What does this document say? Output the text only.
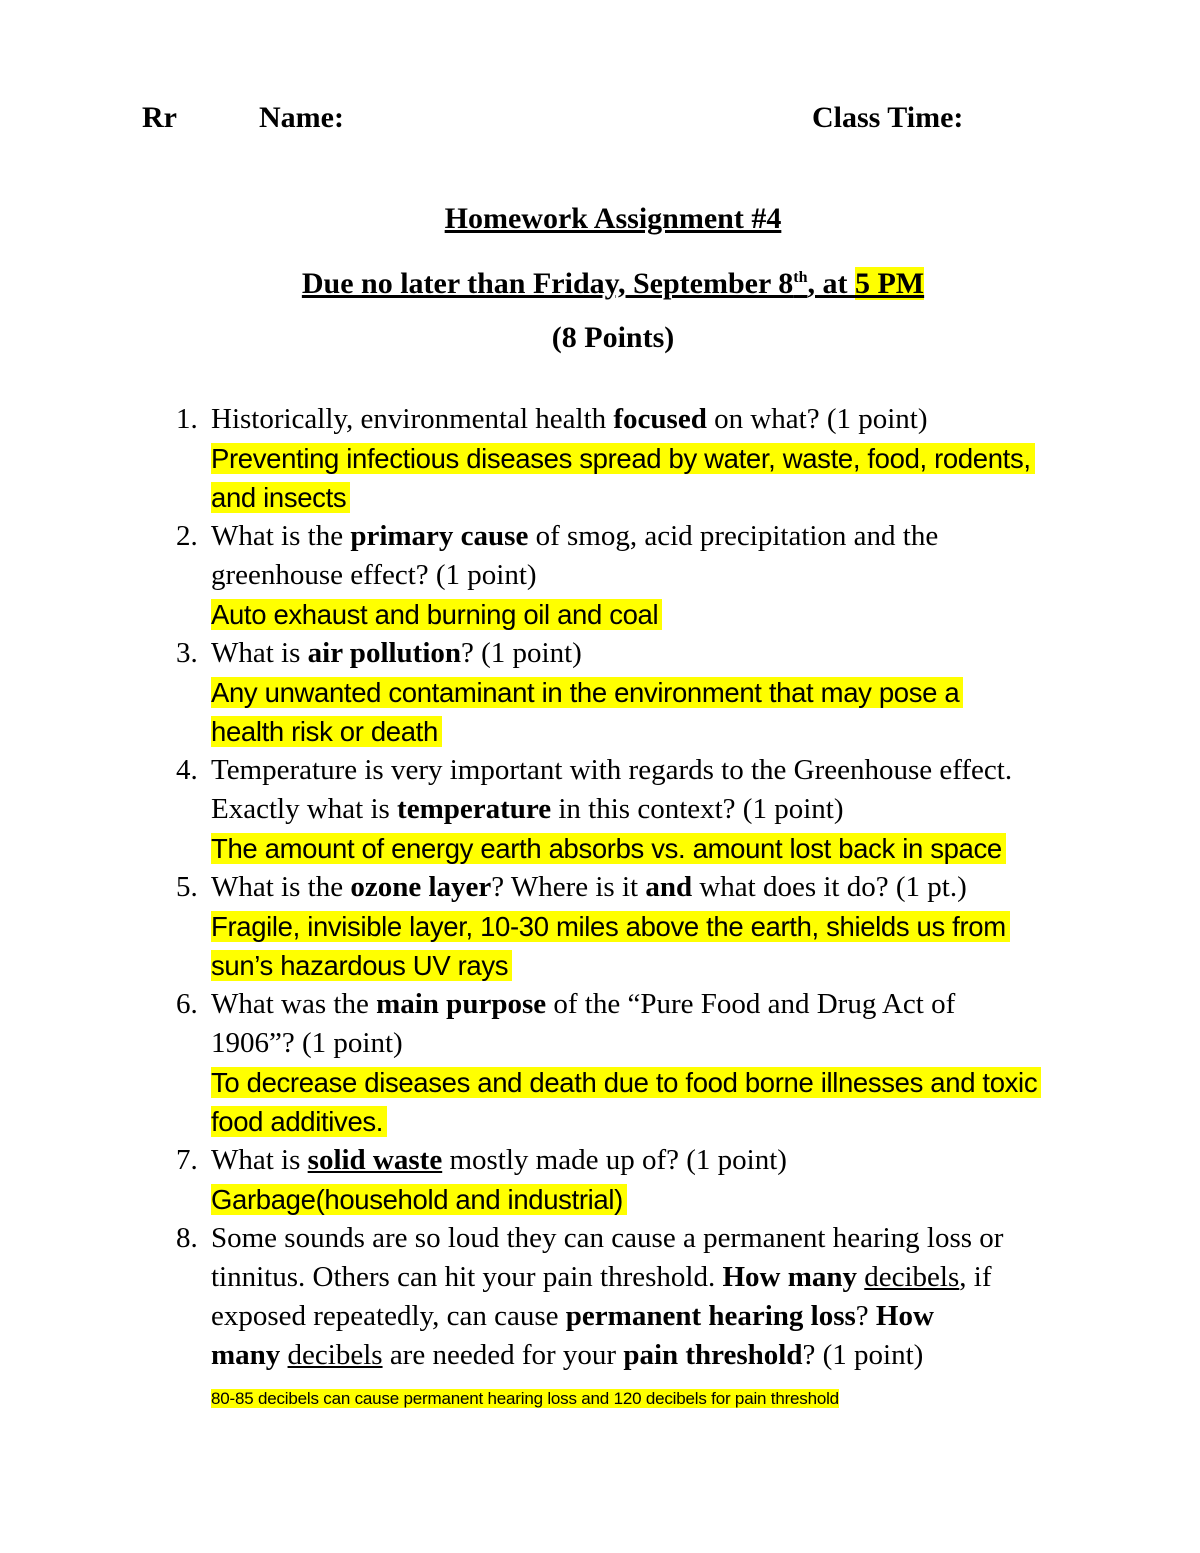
Rr	Name:	Class Time:
Homework Assignment #4
Due no later than Friday, September 8th, at 5 PM
(8 Points)
1. Historically, environmental health focused on what? (1 point)
Preventing infectious diseases spread by water, waste, food, rodents,
and insects
2. What is the primary cause of smog, acid precipitation and the
greenhouse effect? (1 point)
Auto exhaust and burning oil and coal
3. What is air pollution? (1 point)
Any unwanted contaminant in the environment that may pose a
health risk or death
4. Temperature is very important with regards to the Greenhouse effect.
Exactly what is temperature in this context? (1 point)
The amount of energy earth absorbs vs. amount lost back in space
5. What is the ozone layer? Where is it and what does it do? (1 pt.)
Fragile, invisible layer, 10-30 miles above the earth, shields us from
sun’s hazardous UV rays
6. What was the main purpose of the “Pure Food and Drug Act of
1906”? (1 point)
To decrease diseases and death due to food borne illnesses and toxic
food additives.
7. What is solid waste mostly made up of? (1 point)
Garbage(household and industrial)
8. Some sounds are so loud they can cause a permanent hearing loss or
tinnitus. Others can hit your pain threshold. How many decibels, if
exposed repeatedly, can cause permanent hearing loss? How
many decibels are needed for your pain threshold? (1 point)
80-85 decibels can cause permanent hearing loss and 120 decibels for pain threshold
